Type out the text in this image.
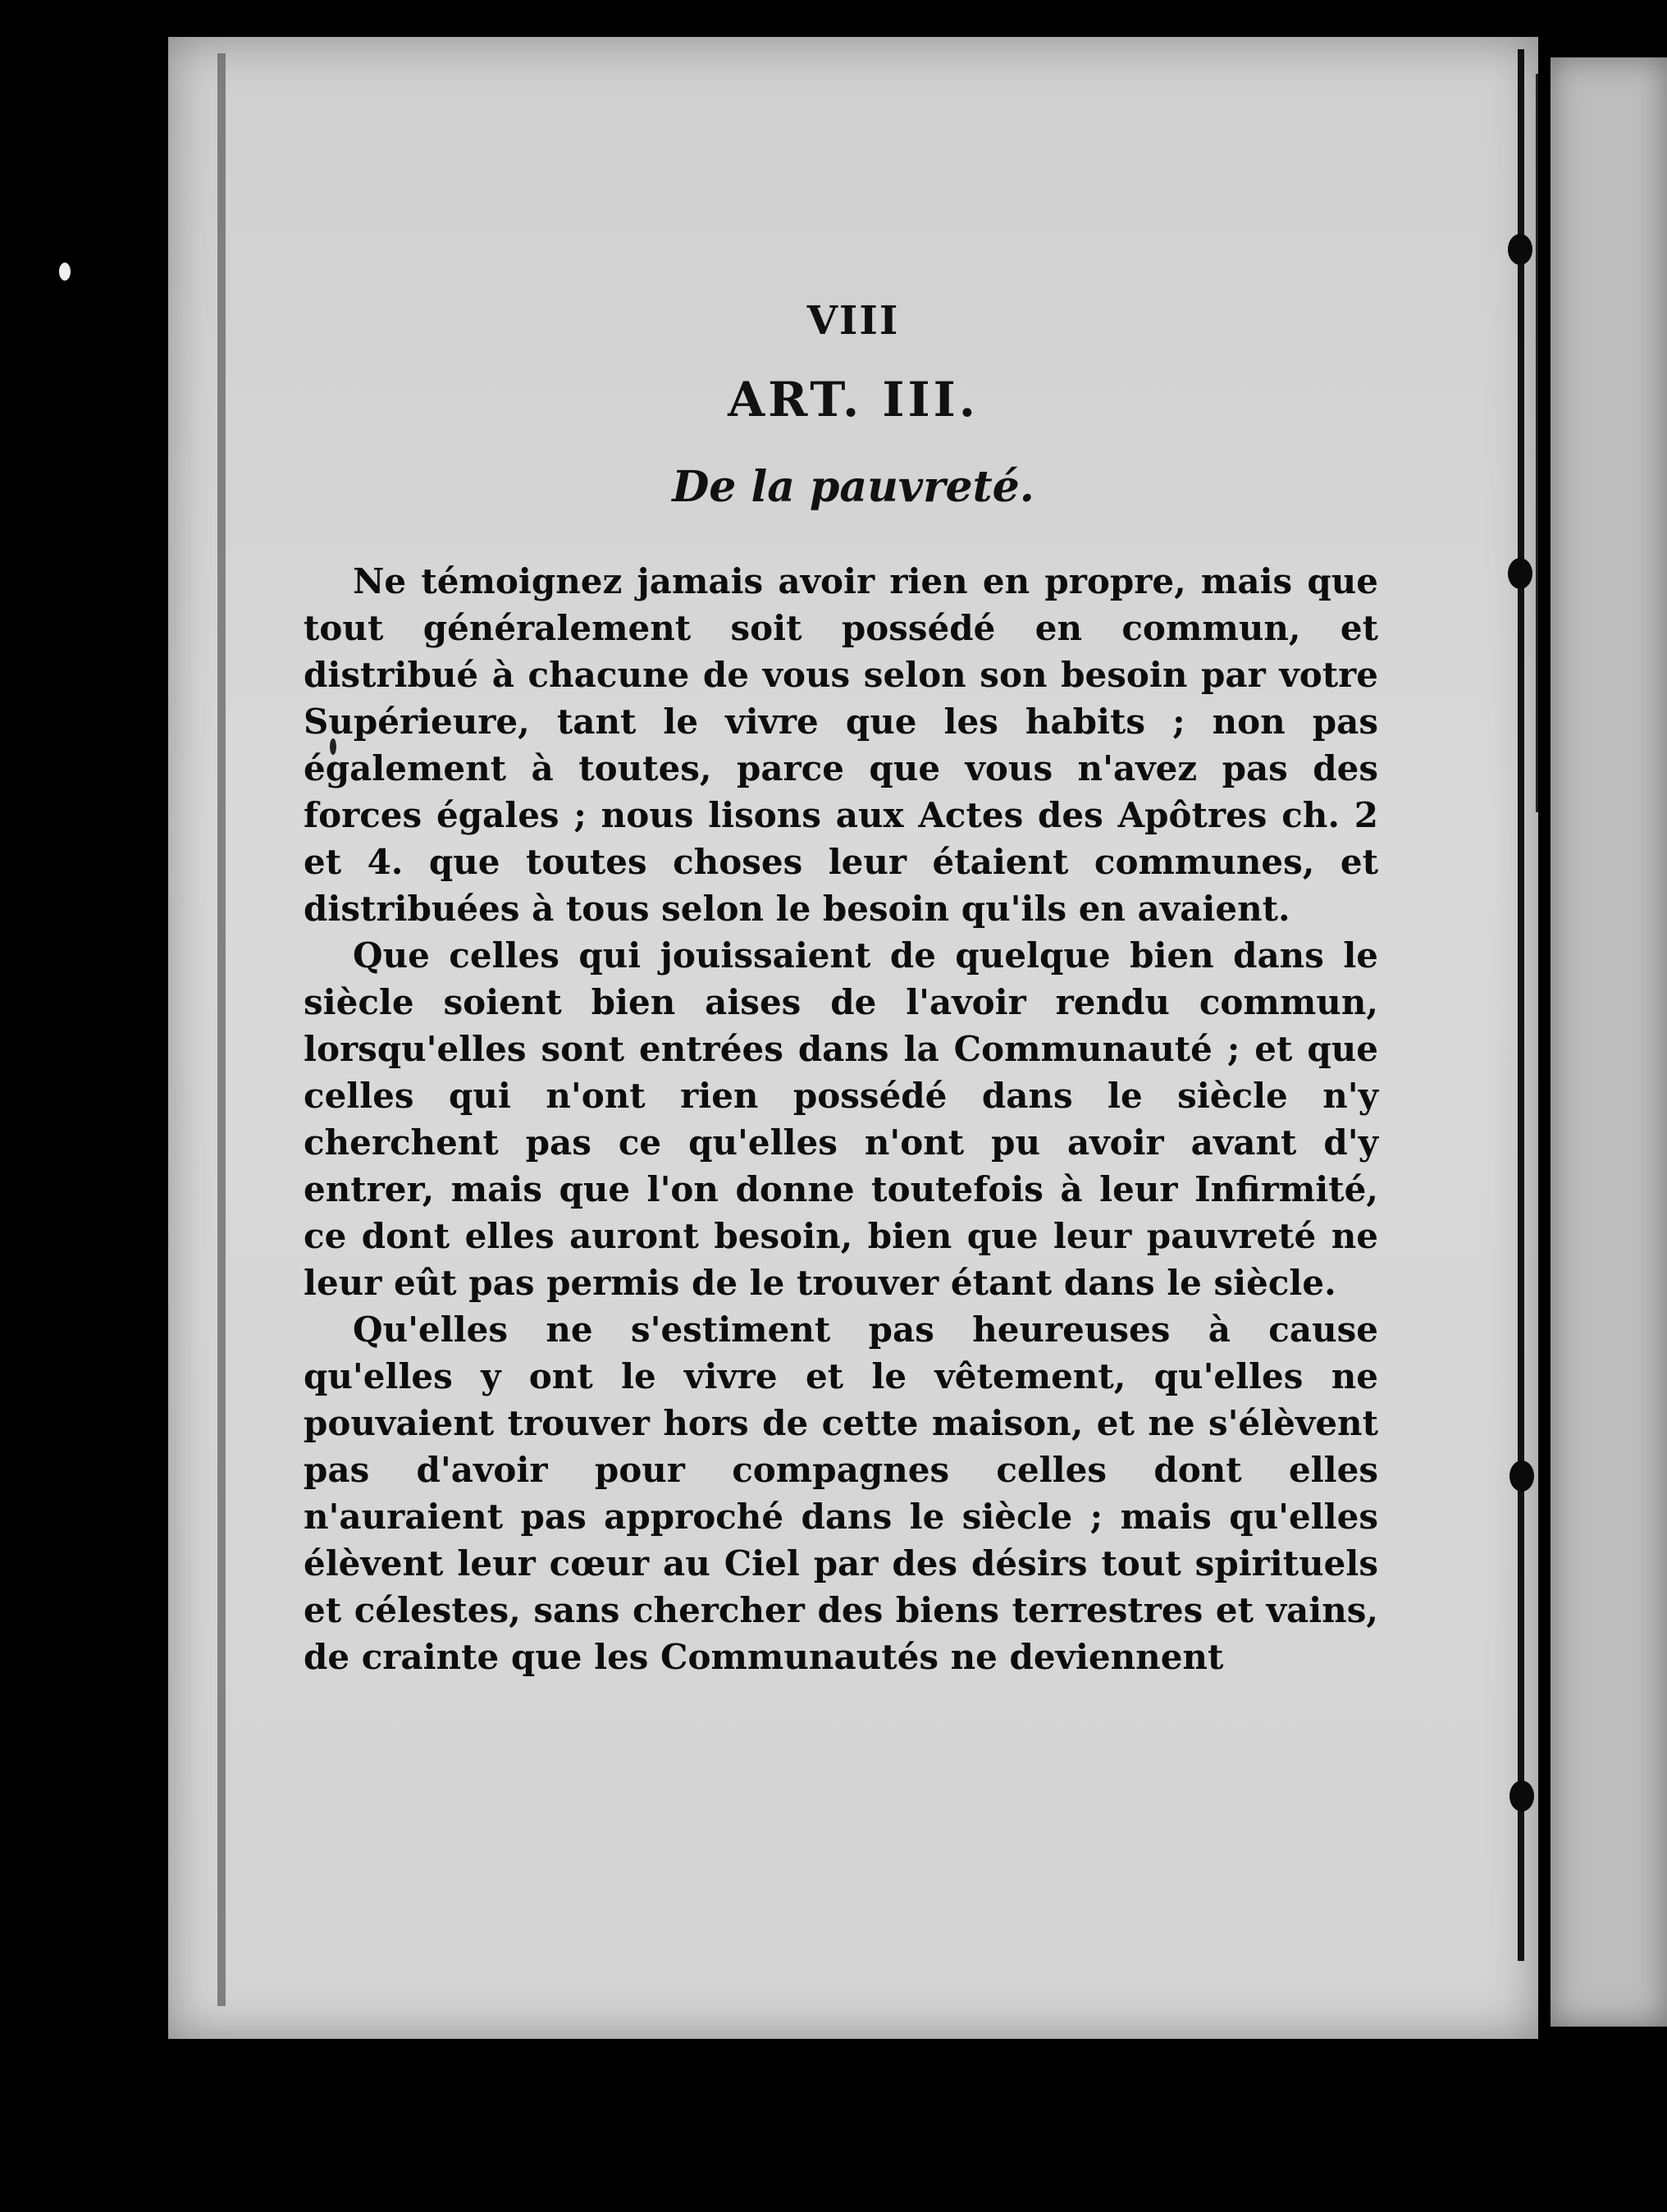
VIII
ART. III.
De la pauvreté.

Ne témoignez jamais avoir rien en propre, mais que tout généralement soit possédé en commun, et distribué à chacune de vous selon son besoin par votre Supérieure, tant le vivre que les habits ; non pas également à toutes, parce que vous n'avez pas des forces égales ; nous lisons aux Actes des Apôtres ch. 2 et 4. que toutes choses leur étaient communes, et distribuées à tous selon le besoin qu'ils en avaient.

Que celles qui jouissaient de quelque bien dans le siècle soient bien aises de l'avoir rendu commun, lorsqu'elles sont entrées dans la Communauté ; et que celles qui n'ont rien possédé dans le siècle n'y cherchent pas ce qu'elles n'ont pu avoir avant d'y entrer, mais que l'on donne toutefois à leur Infirmité, ce dont elles auront besoin, bien que leur pauvreté ne leur eût pas permis de le trouver étant dans le siècle.

Qu'elles ne s'estiment pas heureuses à cause qu'elles y ont le vivre et le vêtement, qu'elles ne pouvaient trouver hors de cette maison, et ne s'élèvent pas d'avoir pour compagnes celles dont elles n'auraient pas approché dans le siècle ; mais qu'elles élèvent leur cœur au Ciel par des désirs tout spirituels et célestes, sans chercher des biens terrestres et vains, de crainte que les Communautés ne deviennent
